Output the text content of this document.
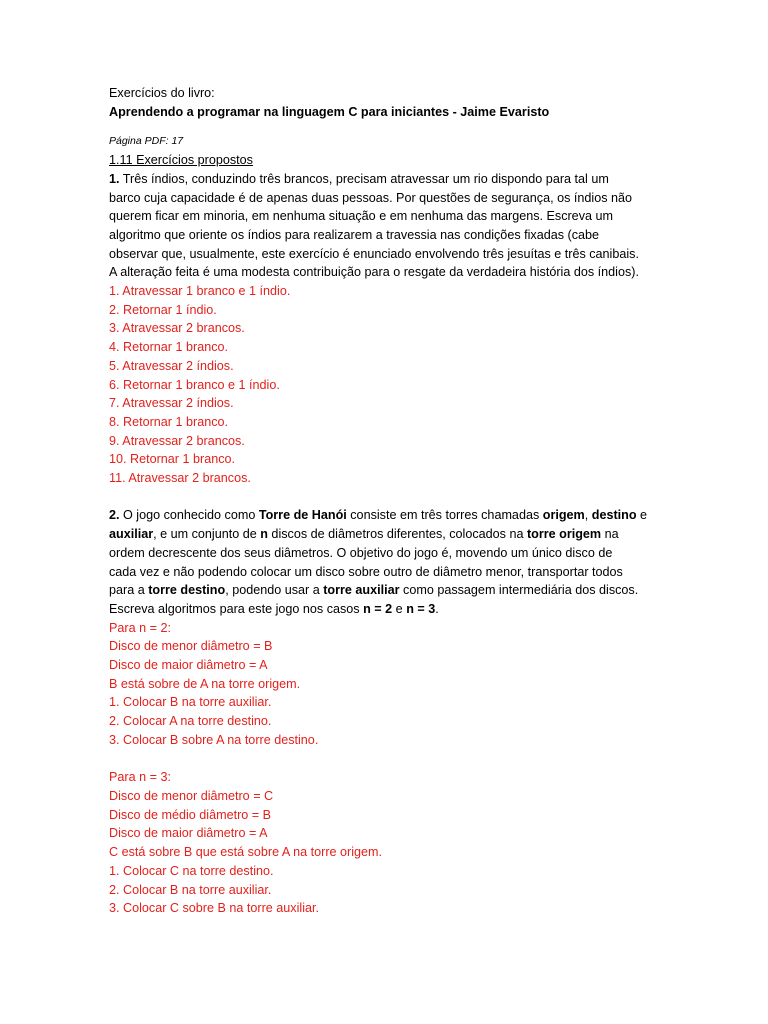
Exercícios do livro:
Aprendendo a programar na linguagem C para iniciantes - Jaime Evaristo
Página PDF: 17
1.11 Exercícios propostos
1. Três índios, conduzindo três brancos, precisam atravessar um rio dispondo para tal um
barco cuja capacidade é de apenas duas pessoas. Por questões de segurança, os índios não
querem ficar em minoria, em nenhuma situação e em nenhuma das margens. Escreva um
algoritmo que oriente os índios para realizarem a travessia nas condições fixadas (cabe
observar que, usualmente, este exercício é enunciado envolvendo três jesuítas e três canibais.
A alteração feita é uma modesta contribuição para o resgate da verdadeira história dos índios).
1. Atravessar 1 branco e 1 índio.
2. Retornar 1 índio.
3. Atravessar 2 brancos.
4. Retornar 1 branco.
5. Atravessar 2 índios.
6. Retornar 1 branco e 1 índio.
7. Atravessar 2 índios.
8. Retornar 1 branco.
9. Atravessar 2 brancos.
10. Retornar 1 branco.
11. Atravessar 2 brancos.
2. O jogo conhecido como Torre de Hanói consiste em três torres chamadas origem, destino e
auxiliar, e um conjunto de n discos de diâmetros diferentes, colocados na torre origem na
ordem decrescente dos seus diâmetros. O objetivo do jogo é, movendo um único disco de
cada vez e não podendo colocar um disco sobre outro de diâmetro menor, transportar todos
para a torre destino, podendo usar a torre auxiliar como passagem intermediária dos discos.
Escreva algoritmos para este jogo nos casos n = 2 e n = 3.
Para n = 2:
Disco de menor diâmetro = B
Disco de maior diâmetro = A
B está sobre de A na torre origem.
1. Colocar B na torre auxiliar.
2. Colocar A na torre destino.
3. Colocar B sobre A na torre destino.
Para n = 3:
Disco de menor diâmetro = C
Disco de médio diâmetro = B
Disco de maior diâmetro = A
C está sobre B que está sobre A na torre origem.
1. Colocar C na torre destino.
2. Colocar B na torre auxiliar.
3. Colocar C sobre B na torre auxiliar.
